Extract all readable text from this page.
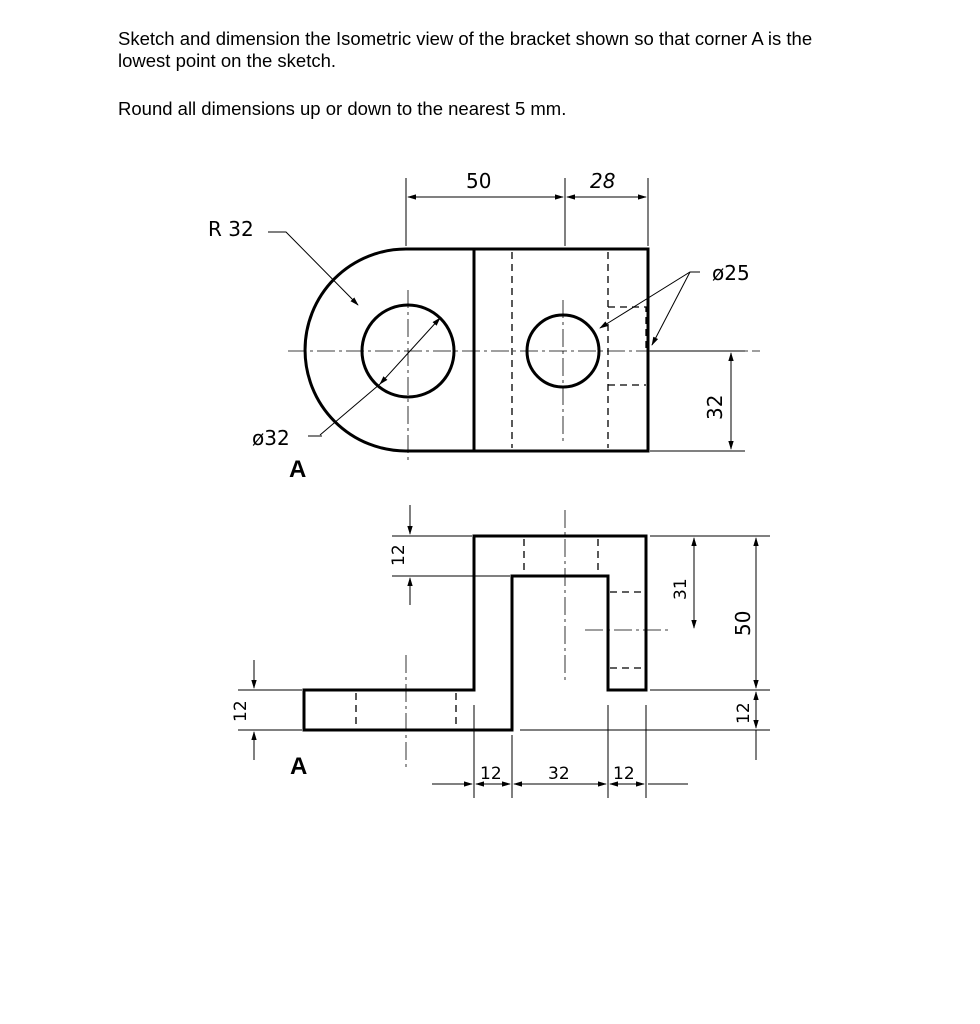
Sketch and dimension the Isometric view of the bracket shown so that corner A is the

lowest point on the sketch.

Round all dimensions up or down to the nearest 5 mm.

50	28
R 32
ø32
ø25
32
A
12
12
31
50
12
12	32	12
A
